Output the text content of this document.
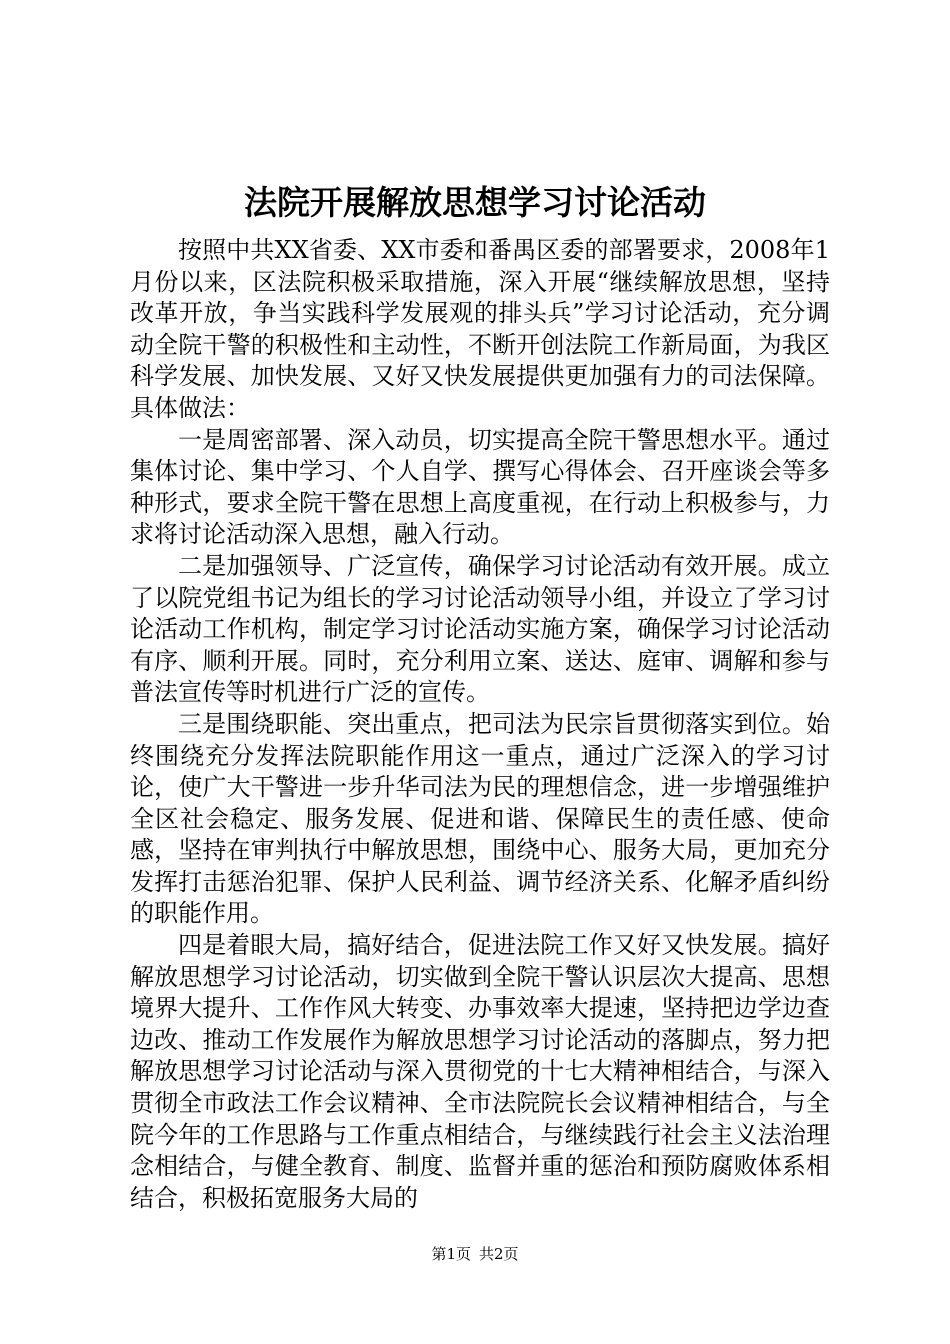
法院开展解放思想学习讨论活动

按照中共XX省委、XX市委和番禺区委的部署要求，2008年1月份以来，区法院积极采取措施，深入开展“继续解放思想，坚持改革开放，争当实践科学发展观的排头兵”学习讨论活动，充分调动全院干警的积极性和主动性，不断开创法院工作新局面，为我区科学发展、加快发展、又好又快发展提供更加强有力的司法保障。具体做法：

一是周密部署、深入动员，切实提高全院干警思想水平。通过集体讨论、集中学习、个人自学、撰写心得体会、召开座谈会等多种形式，要求全院干警在思想上高度重视，在行动上积极参与，力求将讨论活动深入思想，融入行动。

二是加强领导、广泛宣传，确保学习讨论活动有效开展。成立了以院党组书记为组长的学习讨论活动领导小组，并设立了学习讨论活动工作机构，制定学习讨论活动实施方案，确保学习讨论活动有序、顺利开展。同时，充分利用立案、送达、庭审、调解和参与普法宣传等时机进行广泛的宣传。

三是围绕职能、突出重点，把司法为民宗旨贯彻落实到位。始终围绕充分发挥法院职能作用这一重点，通过广泛深入的学习讨论，使广大干警进一步升华司法为民的理想信念，进一步增强维护全区社会稳定、服务发展、促进和谐、保障民生的责任感、使命感，坚持在审判执行中解放思想，围绕中心、服务大局，更加充分发挥打击惩治犯罪、保护人民利益、调节经济关系、化解矛盾纠纷的职能作用。

四是着眼大局，搞好结合，促进法院工作又好又快发展。搞好解放思想学习讨论活动，切实做到全院干警认识层次大提高、思想境界大提升、工作作风大转变、办事效率大提速，坚持把边学边查边改、推动工作发展作为解放思想学习讨论活动的落脚点，努力把解放思想学习讨论活动与深入贯彻党的十七大精神相结合，与深入贯彻全市政法工作会议精神、全市法院院长会议精神相结合，与全院今年的工作思路与工作重点相结合，与继续践行社会主义法治理念相结合，与健全教育、制度、监督并重的惩治和预防腐败体系相结合，积极拓宽服务大局的

第1页 共2页
